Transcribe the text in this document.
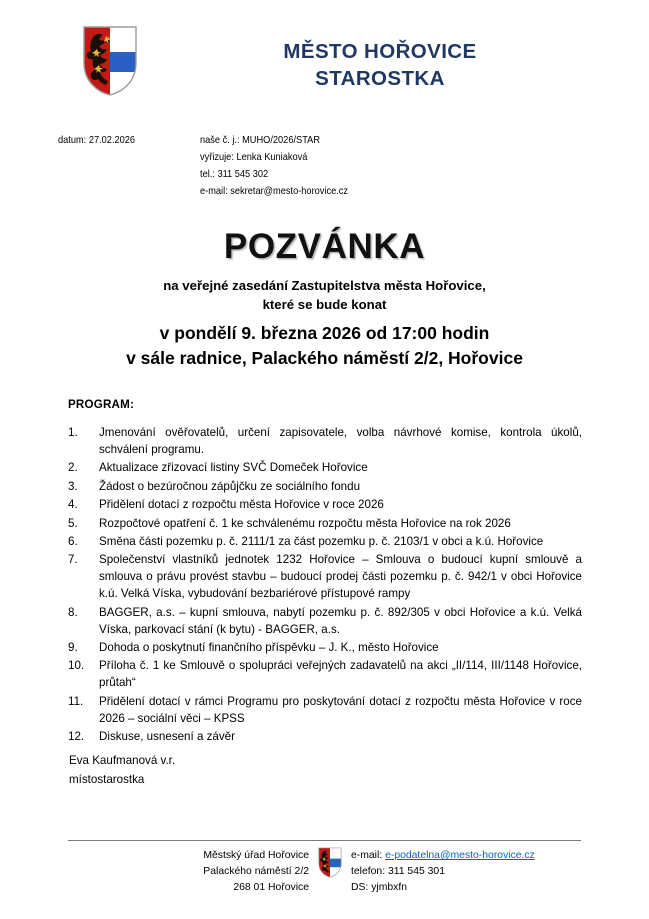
MĚSTO HOŘOVICE
STAROSTKA
datum: 27.02.2026	naše č. j.: MUHO/2026/STAR
vyřizuje: Lenka Kuniaková
tel.: 311 545 302
e-mail: sekretar@mesto-horovice.cz
POZVÁNKA
na veřejné zasedání Zastupitelstva města Hořovice,
které se bude konat
v pondělí 9. března 2026 od 17:00 hodin
v sále radnice, Palackého náměstí 2/2, Hořovice
PROGRAM:
1.	Jmenování ověřovatelů, určení zapisovatele, volba návrhové komise, kontrola úkolů, schválení programu.
2.	Aktualizace zřizovací listiny SVČ Domeček Hořovice
3.	Žádost o bezúročnou zápůjčku ze sociálního fondu
4.	Přidělení dotací z rozpočtu města Hořovice v roce 2026
5.	Rozpočtové opatření č. 1 ke schválenému rozpočtu města Hořovice na rok 2026
6.	Směna části pozemku p. č. 2111/1 za část pozemku p. č. 2103/1 v obci a k.ú. Hořovice
7.	Společenství vlastníků jednotek 1232 Hořovice – Smlouva o budoucí kupní smlouvě a smlouva o právu provést stavbu – budoucí prodej části pozemku p. č. 942/1 v obci Hořovice k.ú. Velká Víska, vybudování bezbariérové přístupové rampy
8.	BAGGER, a.s. – kupní smlouva, nabytí pozemku p. č. 892/305 v obci Hořovice a k.ú. Velká Víska, parkovací stání (k bytu) - BAGGER, a.s.
9.	Dohoda o poskytnutí finančního příspěvku – J. K., město Hořovice
10.	Příloha č. 1 ke Smlouvě o spolupráci veřejných zadavatelů na akci „II/114, III/1148 Hořovice, průtah“
11.	Přidělení dotací v rámci Programu pro poskytování dotací z rozpočtu města Hořovice v roce 2026 – sociální věci – KPSS
12.	Diskuse, usnesení a závěr
Eva Kaufmanová v.r.
místostarostka
Městský úřad Hořovice
Palackého náměstí 2/2
268 01 Hořovice
e-mail: e-podatelna@mesto-horovice.cz
telefon: 311 545 301
DS: yjmbxfn
